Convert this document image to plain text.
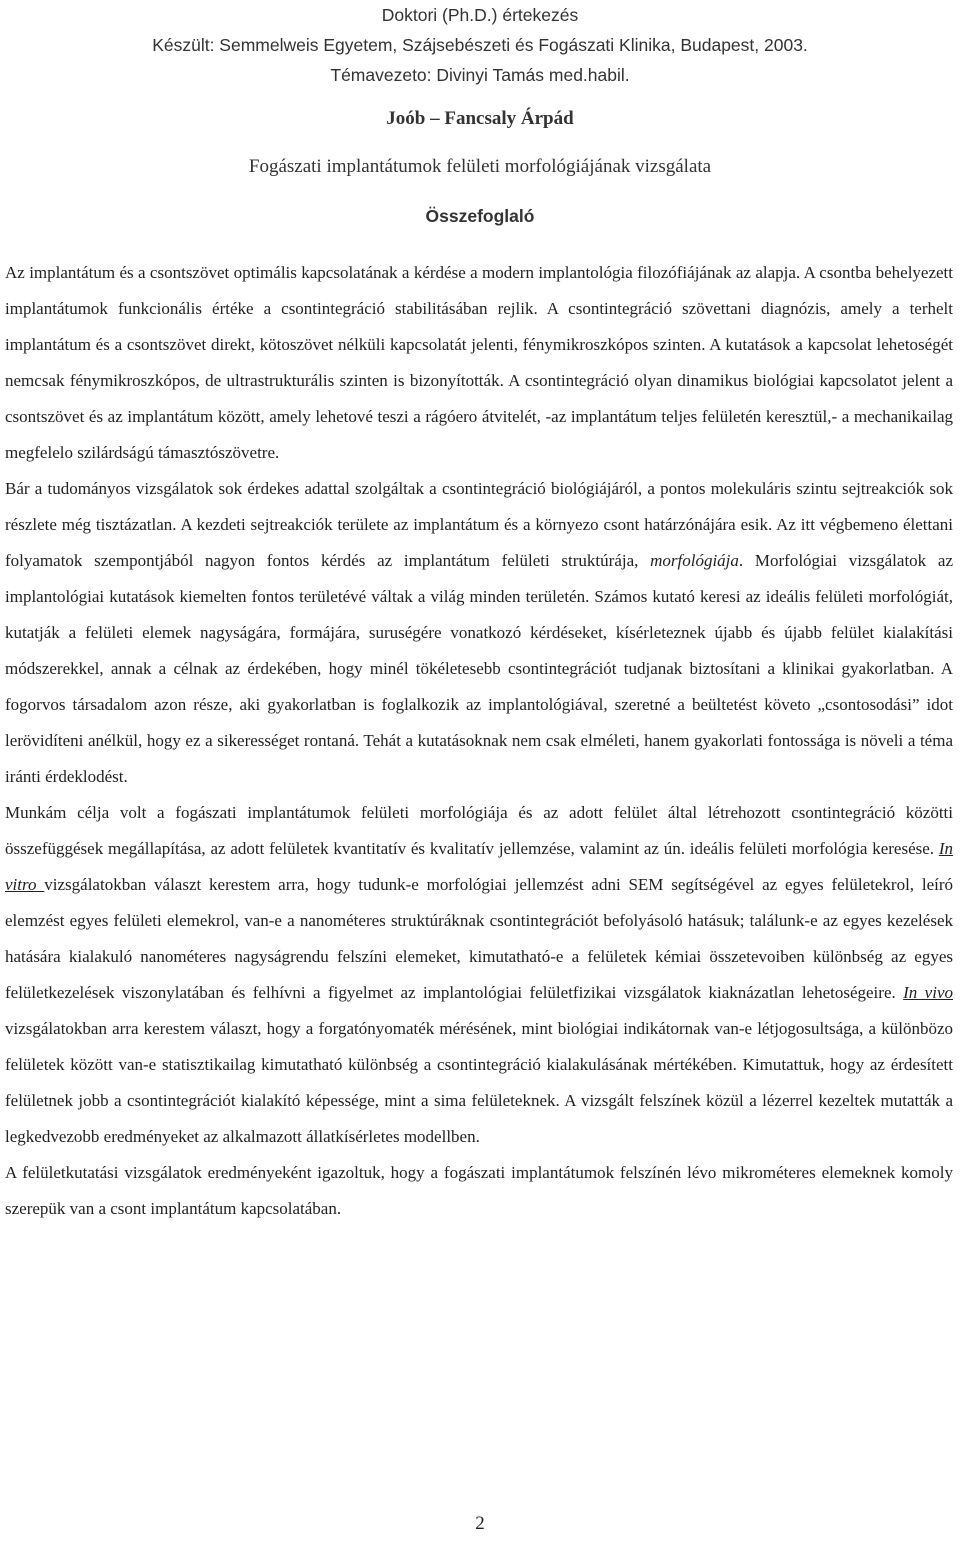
Doktori (Ph.D.) értekezés
Készült: Semmelweis Egyetem, Szájsebészeti és Fogászati Klinika, Budapest, 2003.
Témavezeto: Divinyi Tamás med.habil.
Joób – Fancsaly Árpád
Fogászati implantátumok felületi morfológiájának vizsgálata
Összefoglaló

Az implantátum és a csontszövet optimális kapcsolatának a kérdése a modern implantológia filozófiájának az alapja. A csontba behelyezett implantátumok funkcionális értéke a csontintegráció stabilitásában rejlik. A csontintegráció szövettani diagnózis, amely a terhelt implantátum és a csontszövet direkt, kötoszövet nélküli kapcsolatát jelenti, fénymikroszkópos szinten. A kutatások a kapcsolat lehetoségét nemcsak fénymikroszkópos, de ultrastrukturális szinten is bizonyították. A csontintegráció olyan dinamikus biológiai kapcsolatot jelent a csontszövet és az implantátum között, amely lehetové teszi a rágóero átvitelét, -az implantátum teljes felületén keresztül,- a mechanikailag megfelelo szilárdságú támasztószövetre.

Bár a tudományos vizsgálatok sok érdekes adattal szolgáltak a csontintegráció biológiájáról, a pontos molekuláris szintu sejtreakciók sok részlete még tisztázatlan. A kezdeti sejtreakciók területe az implantátum és a környezo csont határzónájára esik. Az itt végbemeno élettani folyamatok szempontjából nagyon fontos kérdés az implantátum felületi struktúrája, morfológiája. Morfológiai vizsgálatok az implantológiai kutatások kiemelten fontos területévé váltak a világ minden területén. Számos kutató keresi az ideális felületi morfológiát, kutatják a felületi elemek nagyságára, formájára, suruségére vonatkozó kérdéseket, kísérleteznek újabb és újabb felület kialakítási módszerekkel, annak a célnak az érdekében, hogy minél tökéletesebb csontintegrációt tudjanak biztosítani a klinikai gyakorlatban. A fogorvos társadalom azon része, aki gyakorlatban is foglalkozik az implantológiával, szeretné a beültetést követo „csontosodási” idot lerövidíteni anélkül, hogy ez a sikerességet rontaná. Tehát a kutatásoknak nem csak elméleti, hanem gyakorlati fontossága is növeli a téma iránti érdeklodést.

Munkám célja volt a fogászati implantátumok felületi morfológiája és az adott felület által létrehozott csontintegráció közötti összefüggések megállapítása, az adott felületek kvantitatív és kvalitatív jellemzése, valamint az ún. ideális felületi morfológia keresése. In vitro vizsgálatokban választ kerestem arra, hogy tudunk-e morfológiai jellemzést adni SEM segítségével az egyes felületekrol, leíró elemzést egyes felületi elemekrol, van-e a nanométeres struktúráknak csontintegrációt befolyásoló hatásuk; találunk-e az egyes kezelések hatására kialakuló nanométeres nagyságrendu felszíni elemeket, kimutatható-e a felületek kémiai összetevoiben különbség az egyes felületkezelések viszonylatában és felhívni a figyelmet az implantológiai felületfizikai vizsgálatok kiaknázatlan lehetoségeire. In vivo vizsgálatokban arra kerestem választ, hogy a forgatónyomaték mérésének, mint biológiai indikátornak van-e létjogosultsága, a különbözo felületek között van-e statisztikailag kimutatható különbség a csontintegráció kialakulásának mértékében. Kimutattuk, hogy az érdesített felületnek jobb a csontintegrációt kialakító képessége, mint a sima felületeknek. A vizsgált felszínek közül a lézerrel kezeltek mutatták a legkedvezobb eredményeket az alkalmazott állatkísérletes modellben.

A felületkutatási vizsgálatok eredményeként igazoltuk, hogy a fogászati implantátumok felszínén lévo mikrométeres elemeknek komoly szerepük van a csont implantátum kapcsolatában.

2
